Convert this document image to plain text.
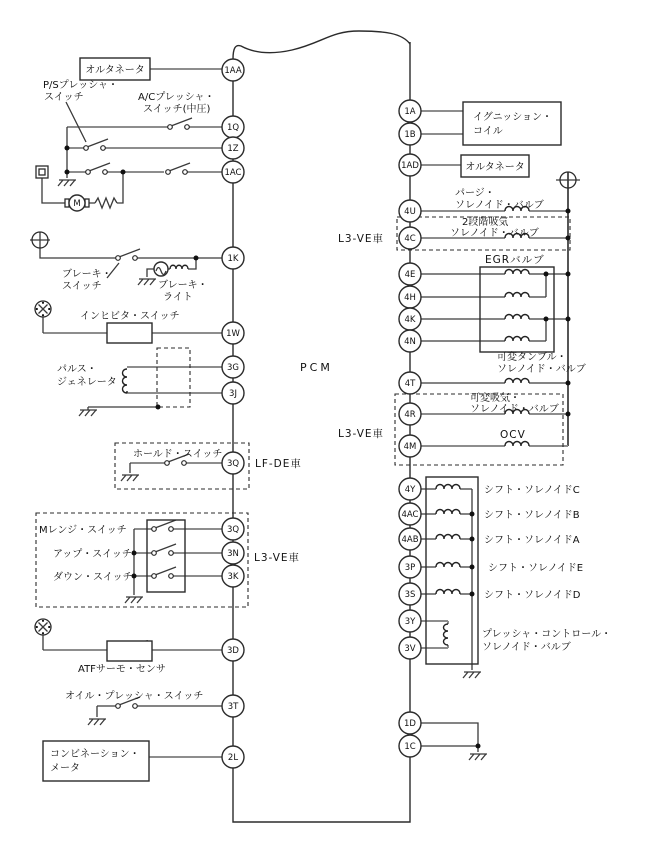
M
1AA
1Q
1Z
1AC
1K
1W
3G
3J
3Q
3Q
3N
3K
3D
3T
2L
1A
1B
1AD
4U
4C
4E
4H
4K
4N
4T
4R
4M
4Y
4AC
4AB
3P
3S
3Y
3V
1D
1C
オルタネータ
P/Sプレッシャ・
スイッチ	A/Cプレッシャ・
スイッチ(中圧)
ブレーキ・
スイッチ	ブレーキ・
ライト
インヒビタ・スイッチ
パルス・
ジェネレータ
ホールド・スイッチ
LF-DE車
Mレンジ・スイッチ
アップ・スイッチ
ダウン・スイッチ
L3-VE車
ATFサーモ・センサ
オイル・プレッシャ・スイッチ
コンビネーション・
メータ
PCM
イグニッション・
コイル
オルタネータ
パージ・
ソレノイド・バルブ
2段階吸気
ソレノイド・バルブ
L3-VE車
EGRバルブ
可変タンブル・
ソレノイド・バルブ
可変吸気・
ソレノイド・バルブ
OCV
L3-VE車
シフト・ソレノイドC
シフト・ソレノイドB
シフト・ソレノイドA
シフト・ソレノイドE
シフト・ソレノイドD
プレッシャ・コントロール・
ソレノイド・バルブ
